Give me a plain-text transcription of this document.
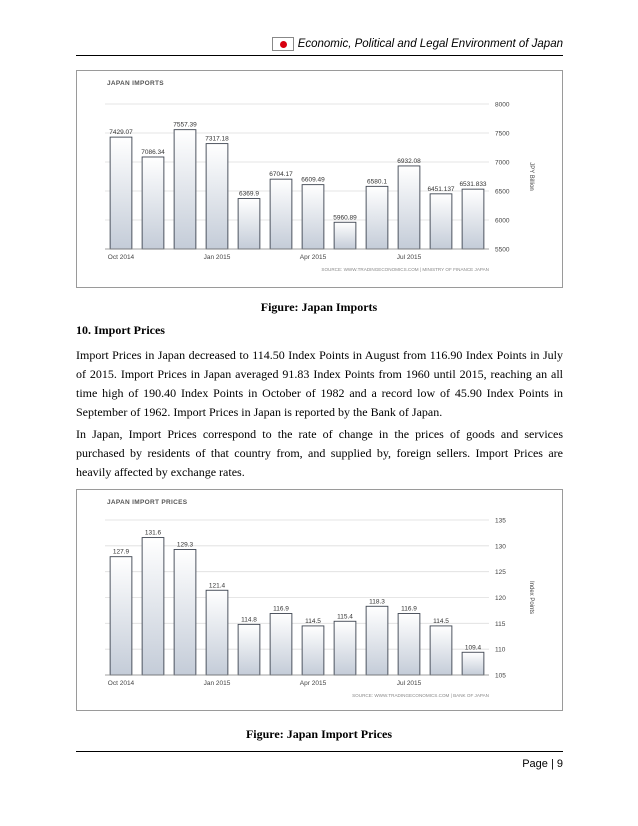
Economic, Political and Legal Environment of Japan
JAPAN IMPORTS
8000
7500
7000
6500
6000
5500
7429.07
7086.34
7557.39
7317.18
6369.9
6704.17
6609.49
5960.89
6580.1
6932.08
6451.137
6531.833
Oct 2014	Jan 2015	Apr 2015	Jul 2015
JPY Billion
SOURCE: WWW.TRADINGECONOMICS.COM | MINISTRY OF FINANCE JAPAN
Figure: Japan Imports
10. Import Prices

Import Prices in Japan decreased to 114.50 Index Points in August from 116.90 Index Points in July of 2015. Import Prices in Japan averaged 91.83 Index Points from 1960 until 2015, reaching an all time high of 190.40 Index Points in October of 1982 and a record low of 45.90 Index Points in September of 1962. Import Prices in Japan is reported by the Bank of Japan.

In Japan, Import Prices correspond to the rate of change in the prices of goods and services purchased by residents of that country from, and supplied by, foreign sellers. Import Prices are heavily affected by exchange rates.

JAPAN IMPORT PRICES
135
130
125
120
115
110
105
127.9
131.6
129.3
121.4
114.8
116.9
114.5
115.4
118.3
116.9
114.5
109.4
Oct 2014	Jan 2015	Apr 2015	Jul 2015
Index Points
SOURCE: WWW.TRADINGECONOMICS.COM | BANK OF JAPAN
Figure: Japan Import Prices
Page | 9
